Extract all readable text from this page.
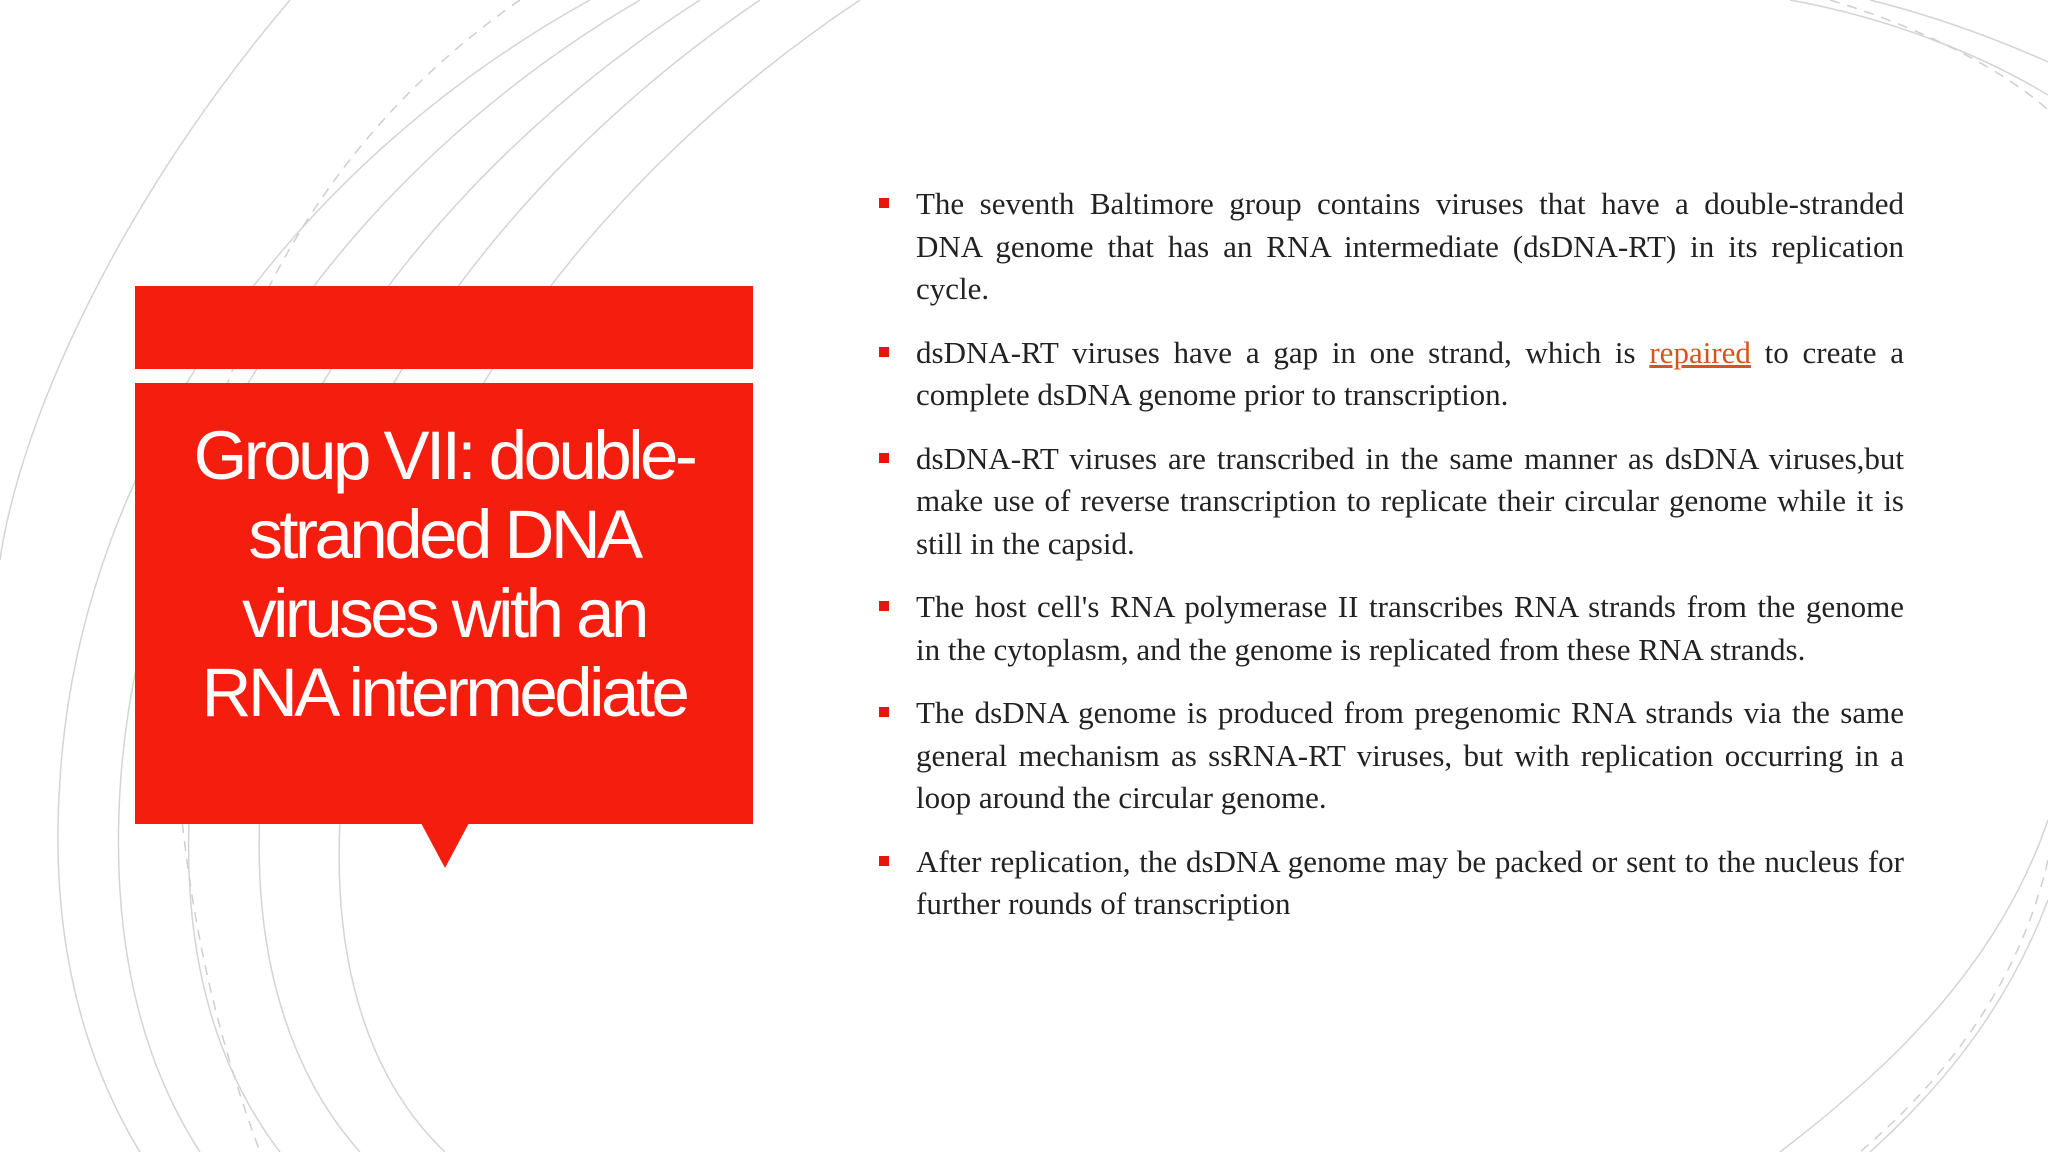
Group VII: double-stranded DNA viruses with an RNA intermediate
The seventh Baltimore group contains viruses that have a double-stranded DNA genome that has an RNA intermediate (dsDNA-RT) in its replication cycle.
dsDNA-RT viruses have a gap in one strand, which is repaired to create a complete dsDNA genome prior to transcription.
dsDNA-RT viruses are transcribed in the same manner as dsDNA viruses,but make use of reverse transcription to replicate their circular genome while it is still in the capsid.
The host cell's RNA polymerase II transcribes RNA strands from the genome in the cytoplasm, and the genome is replicated from these RNA strands.
The dsDNA genome is produced from pregenomic RNA strands via the same general mechanism as ssRNA-RT viruses, but with replication occurring in a loop around the circular genome.
After replication, the dsDNA genome may be packed or sent to the nucleus for further rounds of transcription
